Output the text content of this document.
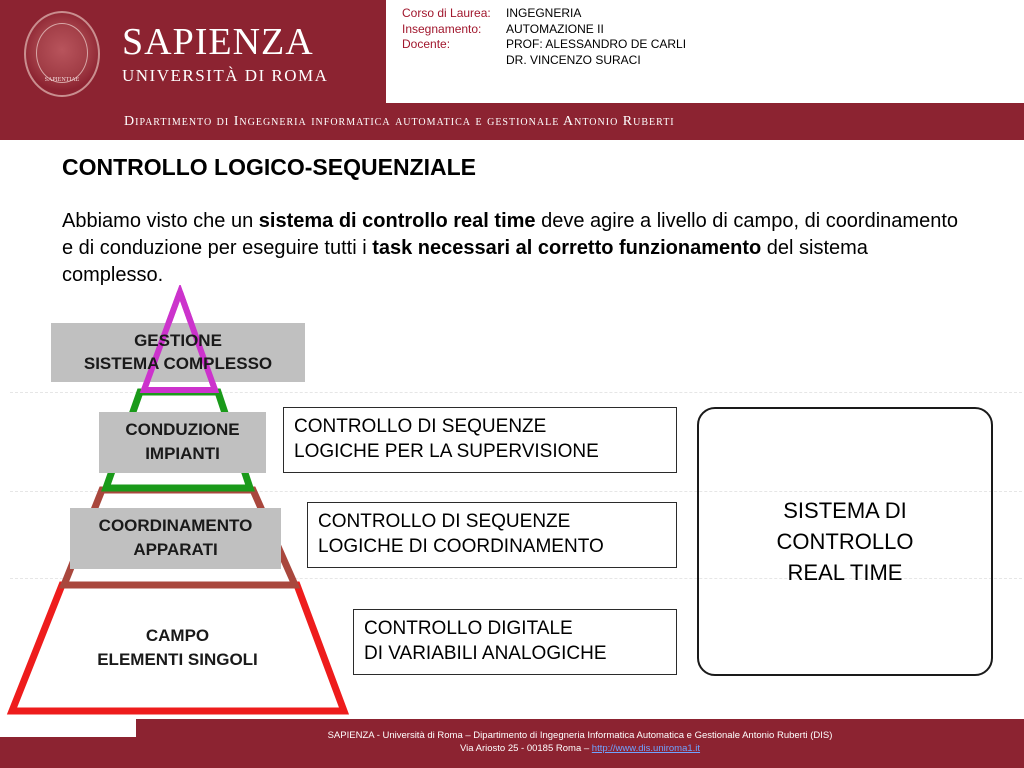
SAPIENTIAE
SAPIENZA
UNIVERSITÀ DI ROMA
Corso di Laurea:	INGEGNERIA
Insegnamento:	AUTOMAZIONE II
Docente:	PROF: ALESSANDRO DE CARLI
DR. VINCENZO SURACI
Dipartimento di Ingegneria informatica automatica e gestionale Antonio Ruberti
CONTROLLO LOGICO-SEQUENZIALE
Abbiamo visto che un sistema di controllo real time deve agire a livello di campo, di coordinamento e di conduzione per eseguire tutti i task necessari al corretto funzionamento del sistema complesso.
GESTIONE
SISTEMA COMPLESSO
CONDUZIONE
IMPIANTI
COORDINAMENTO
APPARATI
CAMPO
ELEMENTI SINGOLI
CONTROLLO DI SEQUENZE
LOGICHE PER LA SUPERVISIONE
CONTROLLO DI SEQUENZE
LOGICHE DI COORDINAMENTO
CONTROLLO DIGITALE
DI VARIABILI ANALOGICHE
SISTEMA DI
CONTROLLO
REAL TIME
SAPIENZA - Università di Roma – Dipartimento di Ingegneria Informatica Automatica e Gestionale Antonio Ruberti (DIS)
Via Ariosto 25 - 00185 Roma – http://www.dis.uniroma1.it
